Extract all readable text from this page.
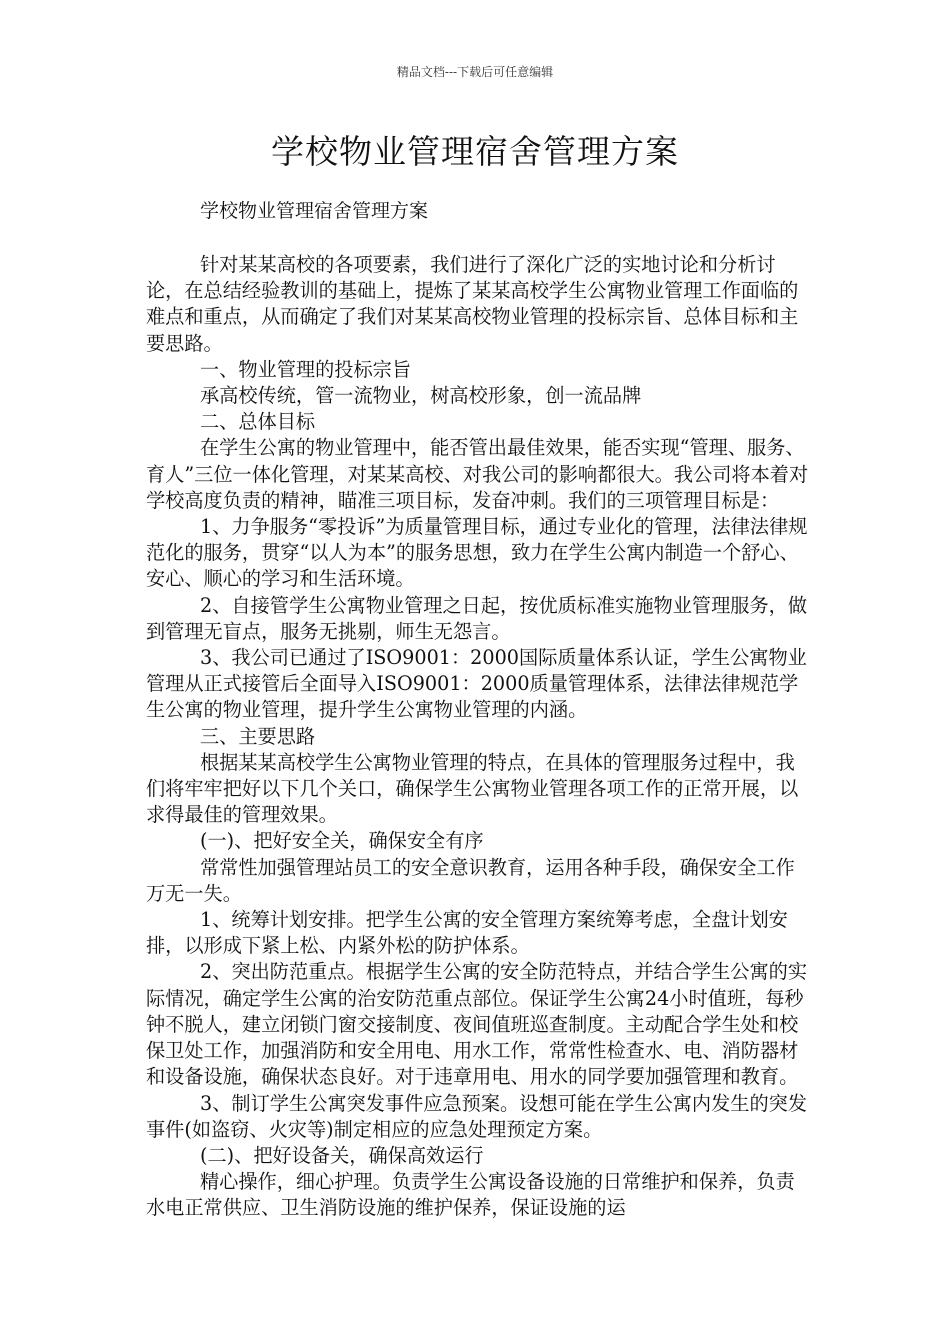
精品文档---下载后可任意编辑
学校物业管理宿舍管理方案

学校物业管理宿舍管理方案

针对某某高校的各项要素，我们进行了深化广泛的实地讨论和分析讨论，在总结经验教训的基础上，提炼了某某高校学生公寓物业管理工作面临的难点和重点，从而确定了我们对某某高校物业管理的投标宗旨、总体目标和主要思路。

一、物业管理的投标宗旨

承高校传统，管一流物业，树高校形象，创一流品牌

二、总体目标

在学生公寓的物业管理中，能否管出最佳效果，能否实现“管理、服务、育人”三位一体化管理，对某某高校、对我公司的影响都很大。我公司将本着对学校高度负责的精神，瞄准三项目标，发奋冲刺。我们的三项管理目标是：

1、力争服务“零投诉”为质量管理目标，通过专业化的管理，法律法律规范化的服务，贯穿“以人为本”的服务思想，致力在学生公寓内制造一个舒心、安心、顺心的学习和生活环境。

2、自接管学生公寓物业管理之日起，按优质标准实施物业管理服务，做到管理无盲点，服务无挑剔，师生无怨言。

3、我公司已通过了ISO9001：2000国际质量体系认证，学生公寓物业管理从正式接管后全面导入ISO9001：2000质量管理体系，法律法律规范学生公寓的物业管理，提升学生公寓物业管理的内涵。

三、主要思路

根据某某高校学生公寓物业管理的特点，在具体的管理服务过程中，我们将牢牢把好以下几个关口，确保学生公寓物业管理各项工作的正常开展，以求得最佳的管理效果。

(一)、把好安全关，确保安全有序

常常性加强管理站员工的安全意识教育，运用各种手段，确保安全工作万无一失。

1、统筹计划安排。把学生公寓的安全管理方案统筹考虑，全盘计划安排，以形成下紧上松、内紧外松的防护体系。

2、突出防范重点。根据学生公寓的安全防范特点，并结合学生公寓的实际情况，确定学生公寓的治安防范重点部位。保证学生公寓24小时值班，每秒钟不脱人，建立闭锁门窗交接制度、夜间值班巡查制度。主动配合学生处和校保卫处工作，加强消防和安全用电、用水工作，常常性检查水、电、消防器材和设备设施，确保状态良好。对于违章用电、用水的同学要加强管理和教育。

3、制订学生公寓突发事件应急预案。设想可能在学生公寓内发生的突发事件(如盗窃、火灾等)制定相应的应急处理预定方案。

(二)、把好设备关，确保高效运行

精心操作，细心护理。负责学生公寓设备设施的日常维护和保养，负责水电正常供应、卫生消防设施的维护保养，保证设施的运
